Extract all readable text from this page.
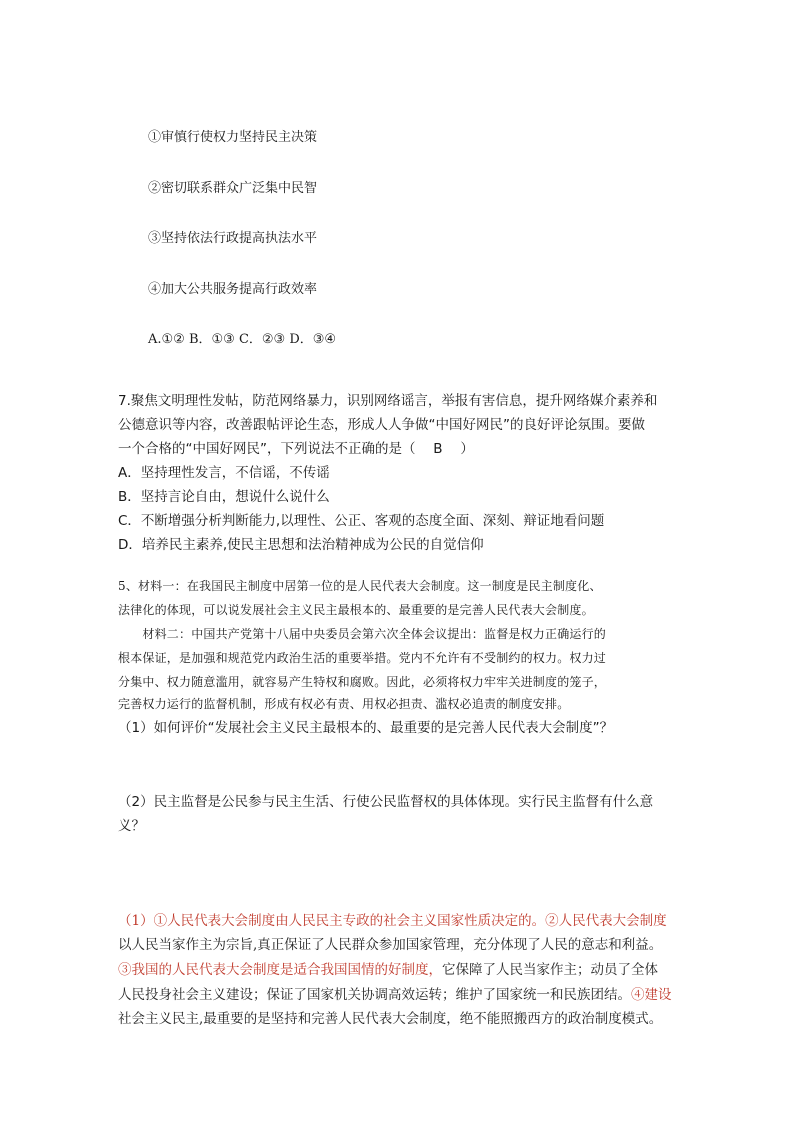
①审慎行使权力坚持民主决策
②密切联系群众广泛集中民智
③坚持依法行政提高执法水平
④加大公共服务提高行政效率
A.①② B．①③ C．②③ D．③④
7.聚焦文明理性发帖，防范网络暴力，识别网络谣言，举报有害信息，提升网络媒介素养和
公德意识等内容，改善跟帖评论生态，形成人人争做“中国好网民”的良好评论氛围。要做
一个合格的“中国好网民”，下列说法不正确的是（　 B　 ）
A．坚持理性发言，不信谣，不传谣
B．坚持言论自由，想说什么说什么
C．不断增强分析判断能力,以理性、公正、客观的态度全面、深刻、辩证地看问题
D．培养民主素养,使民主思想和法治精神成为公民的自觉信仰
5、材料一：在我国民主制度中居第一位的是人民代表大会制度。这一制度是民主制度化、
法律化的体现，可以说发展社会主义民主最根本的、最重要的是完善人民代表大会制度。
　　材料二：中国共产党第十八届中央委员会第六次全体会议提出：监督是权力正确运行的
根本保证，是加强和规范党内政治生活的重要举措。党内不允许有不受制约的权力。权力过
分集中、权力随意滥用，就容易产生特权和腐败。因此，必须将权力牢牢关进制度的笼子，
完善权力运行的监督机制，形成有权必有责、用权必担责、滥权必追责的制度安排。
（1）如何评价“发展社会主义民主最根本的、最重要的是完善人民代表大会制度”？
（2）民主监督是公民参与民主生活、行使公民监督权的具体体现。实行民主监督有什么意
义？
（1）①人民代表大会制度由人民民主专政的社会主义国家性质决定的。②人民代表大会制度
以人民当家作主为宗旨,真正保证了人民群众参加国家管理，充分体现了人民的意志和利益。
③我国的人民代表大会制度是适合我国国情的好制度，它保障了人民当家作主；动员了全体
人民投身社会主义建设；保证了国家机关协调高效运转；维护了国家统一和民族团结。④建设
社会主义民主,最重要的是坚持和完善人民代表大会制度，绝不能照搬西方的政治制度模式。
